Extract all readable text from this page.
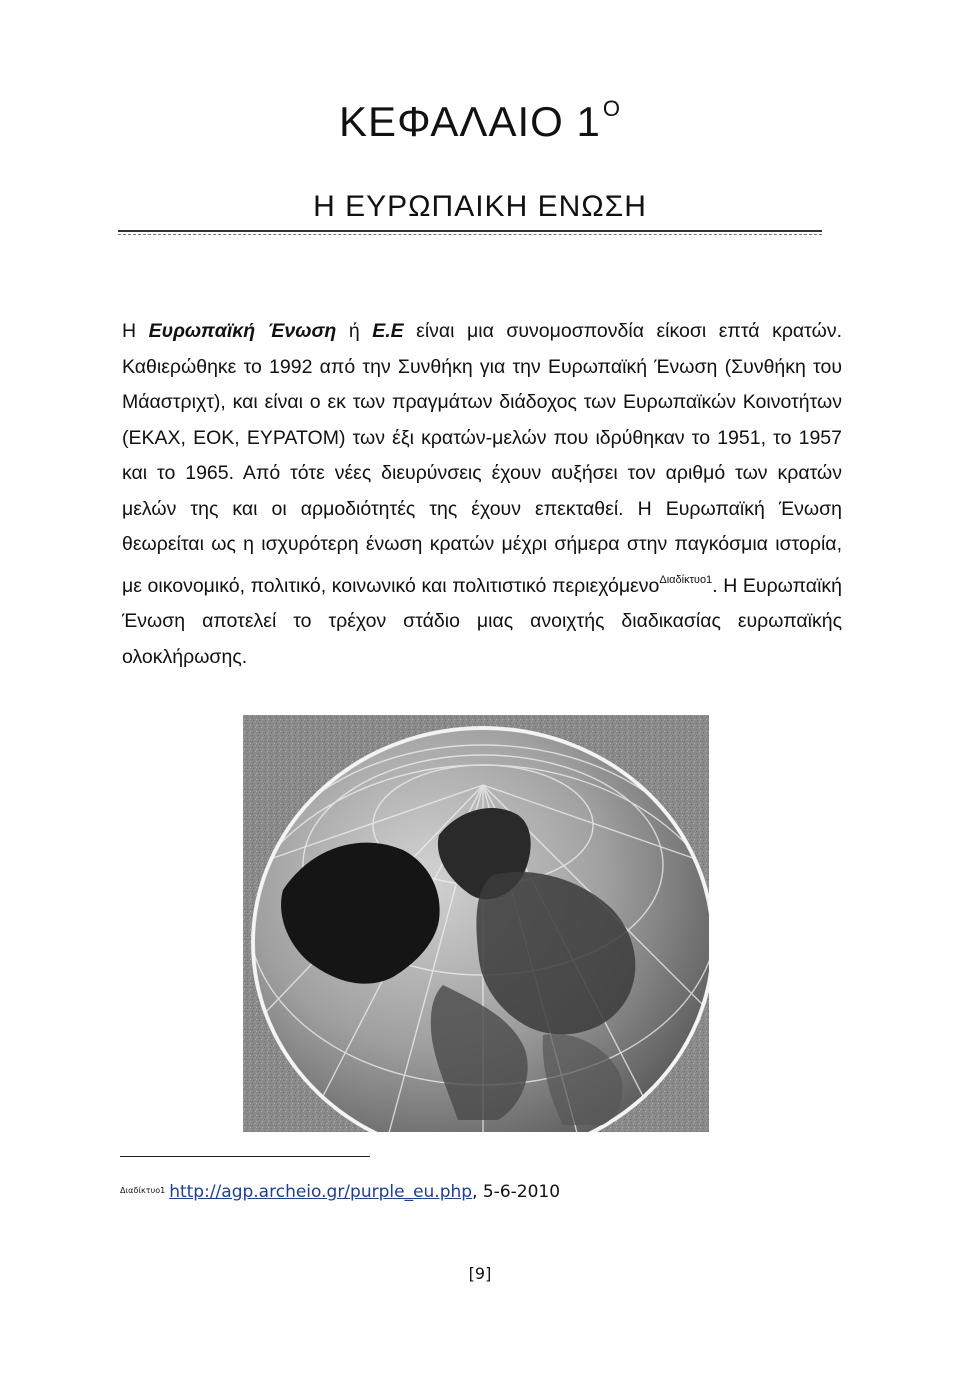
ΚΕΦΑΛΑΙΟ $1^O$
Η ΕΥΡΩΠΑΙΚΗ ΕΝΩΣΗ

Η Ευρωπαϊκή Ένωση ή Ε.Ε είναι μια συνομοσπονδία είκοσι επτά κρατών. Καθιερώθηκε το 1992 από την Συνθήκη για την Ευρωπαϊκή Ένωση (Συνθήκη του Μάαστριχτ), και είναι ο εκ των πραγμάτων διάδοχος των Ευρωπαϊκών Κοινοτήτων (ΕΚΑΧ, ΕΟΚ, ΕΥΡΑΤΟΜ) των έξι κρατών-μελών που ιδρύθηκαν το 1951, το 1957 και το 1965. Από τότε νέες διευρύνσεις έχουν αυξήσει τον αριθμό των κρατών μελών της και οι αρμοδιότητές της έχουν επεκταθεί. Η Ευρωπαϊκή Ένωση θεωρείται ως η ισχυρότερη ένωση κρατών μέχρι σήμερα στην παγκόσμια ιστορία, με οικονομικό, πολιτικό, κοινωνικό και πολιτιστικό περιεχόμενο$^{\Delta\iota\alpha\delta ί\kappa\tau\upsilon o1}$. Η Ευρωπαϊκή Ένωση αποτελεί το τρέχον στάδιο μιας ανοιχτής διαδικασίας ευρωπαϊκής ολοκλήρωσης.

$^{\Delta\iota\alpha\delta ί\kappa\tau\upsilon o1}$ http://agp.archeio.gr/purple_eu.php, 5-6-2010
[9]
